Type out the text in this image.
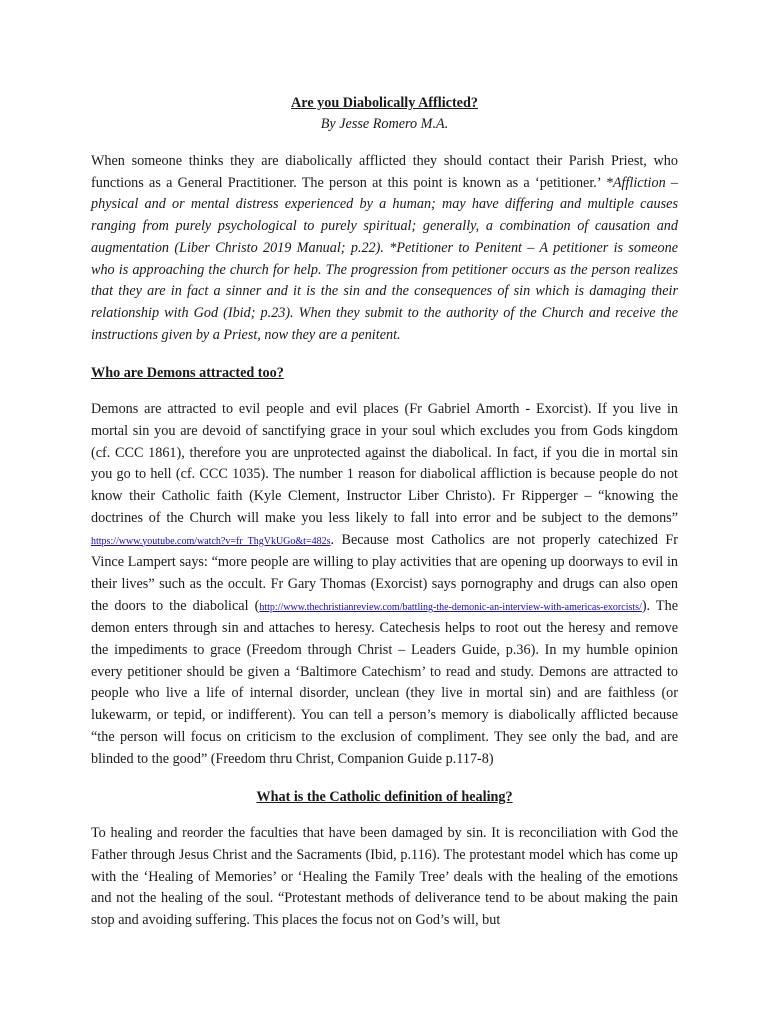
Are you Diabolically Afflicted?
By Jesse Romero M.A.

When someone thinks they are diabolically afflicted they should contact their Parish Priest, who functions as a General Practitioner. The person at this point is known as a ‘petitioner.’ *Affliction – physical and or mental distress experienced by a human; may have differing and multiple causes ranging from purely psychological to purely spiritual; generally, a combination of causation and augmentation (Liber Christo 2019 Manual; p.22). *Petitioner to Penitent – A petitioner is someone who is approaching the church for help. The progression from petitioner occurs as the person realizes that they are in fact a sinner and it is the sin and the consequences of sin which is damaging their relationship with God (Ibid; p.23). When they submit to the authority of the Church and receive the instructions given by a Priest, now they are a penitent.

Who are Demons attracted too?

Demons are attracted to evil people and evil places (Fr Gabriel Amorth - Exorcist). If you live in mortal sin you are devoid of sanctifying grace in your soul which excludes you from Gods kingdom (cf. CCC 1861), therefore you are unprotected against the diabolical. In fact, if you die in mortal sin you go to hell (cf. CCC 1035). The number 1 reason for diabolical affliction is because people do not know their Catholic faith (Kyle Clement, Instructor Liber Christo). Fr Ripperger – “knowing the doctrines of the Church will make you less likely to fall into error and be subject to the demons” https://www.youtube.com/watch?v=fr_ThgVkUGo&t=482s. Because most Catholics are not properly catechized Fr Vince Lampert says: “more people are willing to play activities that are opening up doorways to evil in their lives” such as the occult. Fr Gary Thomas (Exorcist) says pornography and drugs can also open the doors to the diabolical (http://www.thechristianreview.com/battling-the-demonic-an-interview-with-americas-exorcists/). The demon enters through sin and attaches to heresy. Catechesis helps to root out the heresy and remove the impediments to grace (Freedom through Christ – Leaders Guide, p.36). In my humble opinion every petitioner should be given a ‘Baltimore Catechism’ to read and study. Demons are attracted to people who live a life of internal disorder, unclean (they live in mortal sin) and are faithless (or lukewarm, or tepid, or indifferent). You can tell a person’s memory is diabolically afflicted because “the person will focus on criticism to the exclusion of compliment. They see only the bad, and are blinded to the good” (Freedom thru Christ, Companion Guide p.117-8)

What is the Catholic definition of healing?

To healing and reorder the faculties that have been damaged by sin. It is reconciliation with God the Father through Jesus Christ and the Sacraments (Ibid, p.116). The protestant model which has come up with the ‘Healing of Memories’ or ‘Healing the Family Tree’ deals with the healing of the emotions and not the healing of the soul. “Protestant methods of deliverance tend to be about making the pain stop and avoiding suffering. This places the focus not on God’s will, but
